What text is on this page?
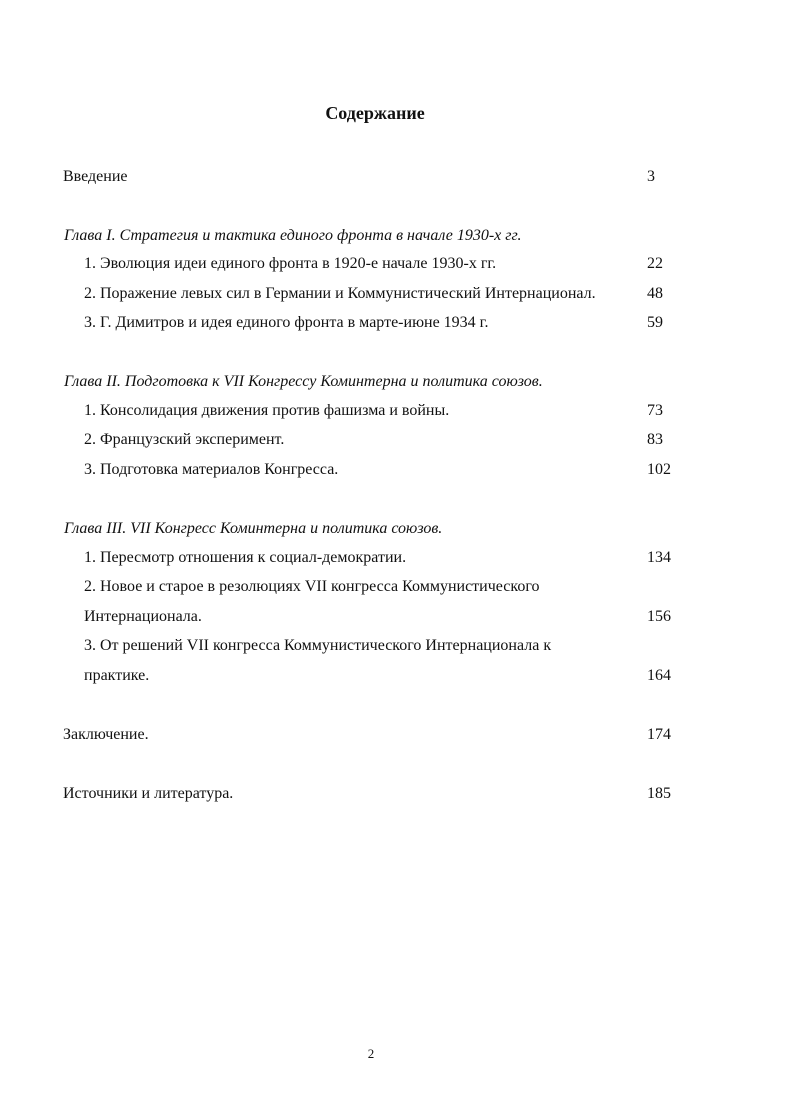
Содержание
Введение	3
Глава I. Стратегия и тактика единого фронта в начале 1930-х гг.
1. Эволюция идеи единого фронта в 1920-е начале 1930-х гг.	22
2. Поражение левых сил в Германии и Коммунистический Интернационал.	48
3. Г. Димитров и идея единого фронта в марте-июне 1934 г.	59
Глава II. Подготовка к VII Конгрессу Коминтерна и политика союзов.
1. Консолидация движения против фашизма и войны.	73
2. Французский эксперимент.	83
3. Подготовка материалов Конгресса.	102
Глава III. VII Конгресс Коминтерна и политика союзов.
1. Пересмотр отношения к социал-демократии.	134
2. Новое и старое в резолюциях VII конгресса Коммунистического
Интернационала.	156
3. От решений VII конгресса Коммунистического Интернационала к
практике.	164
Заключение.	174
Источники и литература.	185
2
